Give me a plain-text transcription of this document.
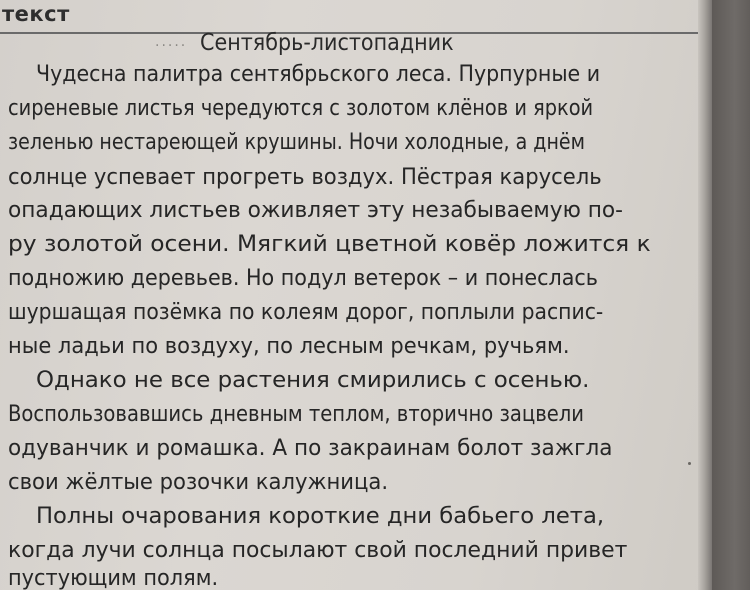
текст
····· Сентябрь-листопадник
Чудесна палитра сентябрьского леса. Пурпурные и
сиреневые листья чередуются с золотом клёнов и яркой
зеленью нестареющей крушины. Ночи холодные, а днём
солнце успевает прогреть воздух. Пёстрая карусель
опадающих листьев оживляет эту незабываемую по-
ру золотой осени. Мягкий цветной ковёр ложится к
подножию деревьев. Но подул ветерок – и понеслась
шуршащая позёмка по колеям дорог, поплыли распис-
ные ладьи по воздуху, по лесным речкам, ручьям.
Однако не все растения смирились с осенью.
Воспользовавшись дневным теплом, вторично зацвели
одуванчик и ромашка. А по закраинам болот зажгла
свои жёлтые розочки калужница.
Полны очарования короткие дни бабьего лета,
когда лучи солнца посылают свой последний привет
пустующим полям.
